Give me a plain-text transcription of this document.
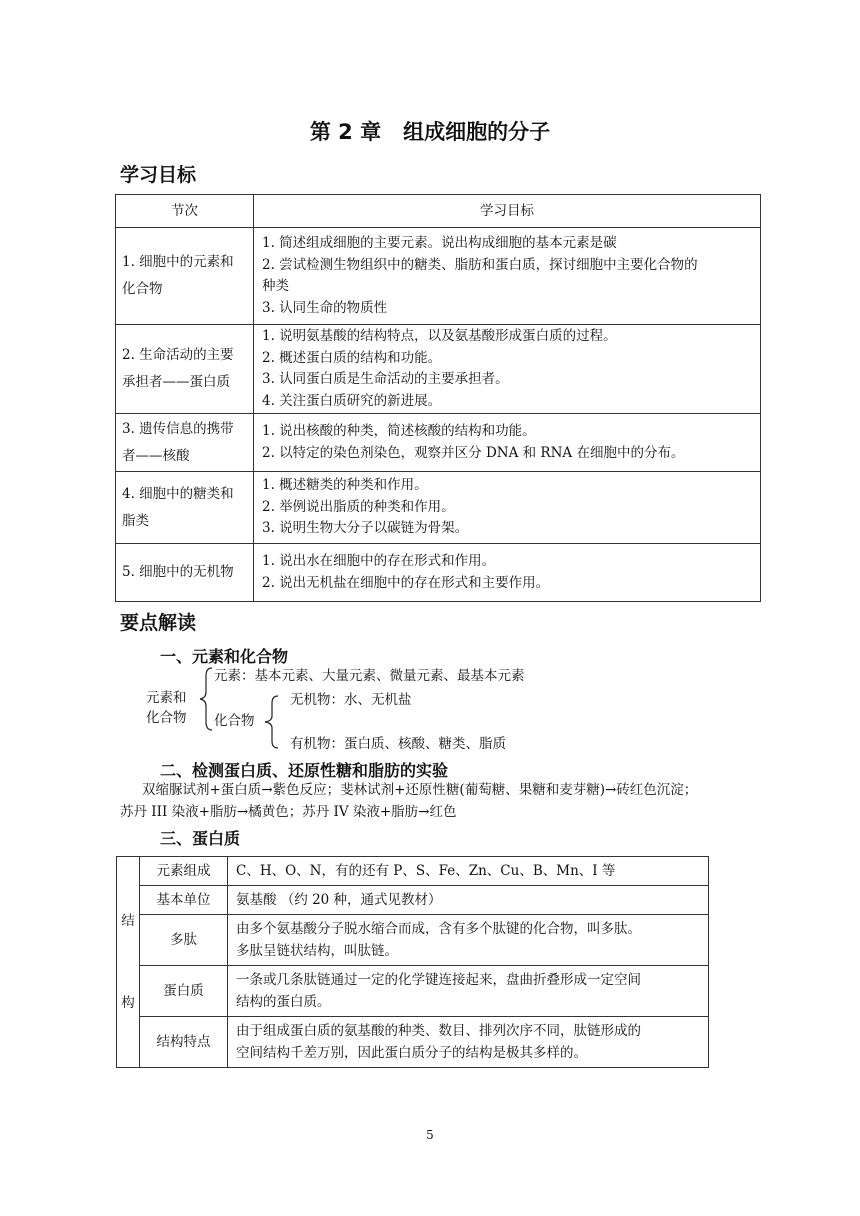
第 2 章 组成细胞的分子
学习目标
节次	学习目标

1. 细胞中的元素和
化合物	1. 简述组成细胞的主要元素。说出构成细胞的基本元素是碳
2. 尝试检测生物组织中的糖类、脂肪和蛋白质，探讨细胞中主要化合物的
种类
3. 认同生命的物质性

2. 生命活动的主要
承担者——蛋白质	1. 说明氨基酸的结构特点，以及氨基酸形成蛋白质的过程。
2. 概述蛋白质的结构和功能。
3. 认同蛋白质是生命活动的主要承担者。
4. 关注蛋白质研究的新进展。

3. 遗传信息的携带
者——核酸	1. 说出核酸的种类，简述核酸的结构和功能。
2. 以特定的染色剂染色，观察并区分 DNA 和 RNA 在细胞中的分布。

4. 细胞中的糖类和
脂类	1. 概述糖类的种类和作用。
2. 举例说出脂质的种类和作用。
3. 说明生物大分子以碳链为骨架。

5. 细胞中的无机物	1. 说出水在细胞中的存在形式和作用。
2. 说出无机盐在细胞中的存在形式和主要作用。
要点解读
一、元素和化合物
元素和
化合物
元素：基本元素、大量元素、微量元素、最基本元素
化合物
无机物：水、无机盐
有机物：蛋白质、核酸、糖类、脂质
二、检测蛋白质、还原性糖和脂肪的实验
双缩脲试剂+蛋白质→紫色反应；斐林试剂+还原性糖(葡萄糖、果糖和麦芽糖)→砖红色沉淀；
苏丹 III 染液+脂肪→橘黄色；苏丹 IV 染液+脂肪→红色
三、蛋白质
结
构	元素组成	C、H、O、N，有的还有 P、S、Fe、Zn、Cu、B、Mn、I 等

	基本单位	氨基酸 （约 20 种，通式见教材）

	多肽	由多个氨基酸分子脱水缩合而成，含有多个肽键的化合物，叫多肽。
多肽呈链状结构，叫肽链。

	蛋白质	一条或几条肽链通过一定的化学键连接起来，盘曲折叠形成一定空间
结构的蛋白质。

	结构特点	由于组成蛋白质的氨基酸的种类、数目、排列次序不同，肽链形成的
空间结构千差万别，因此蛋白质分子的结构是极其多样的。
5
